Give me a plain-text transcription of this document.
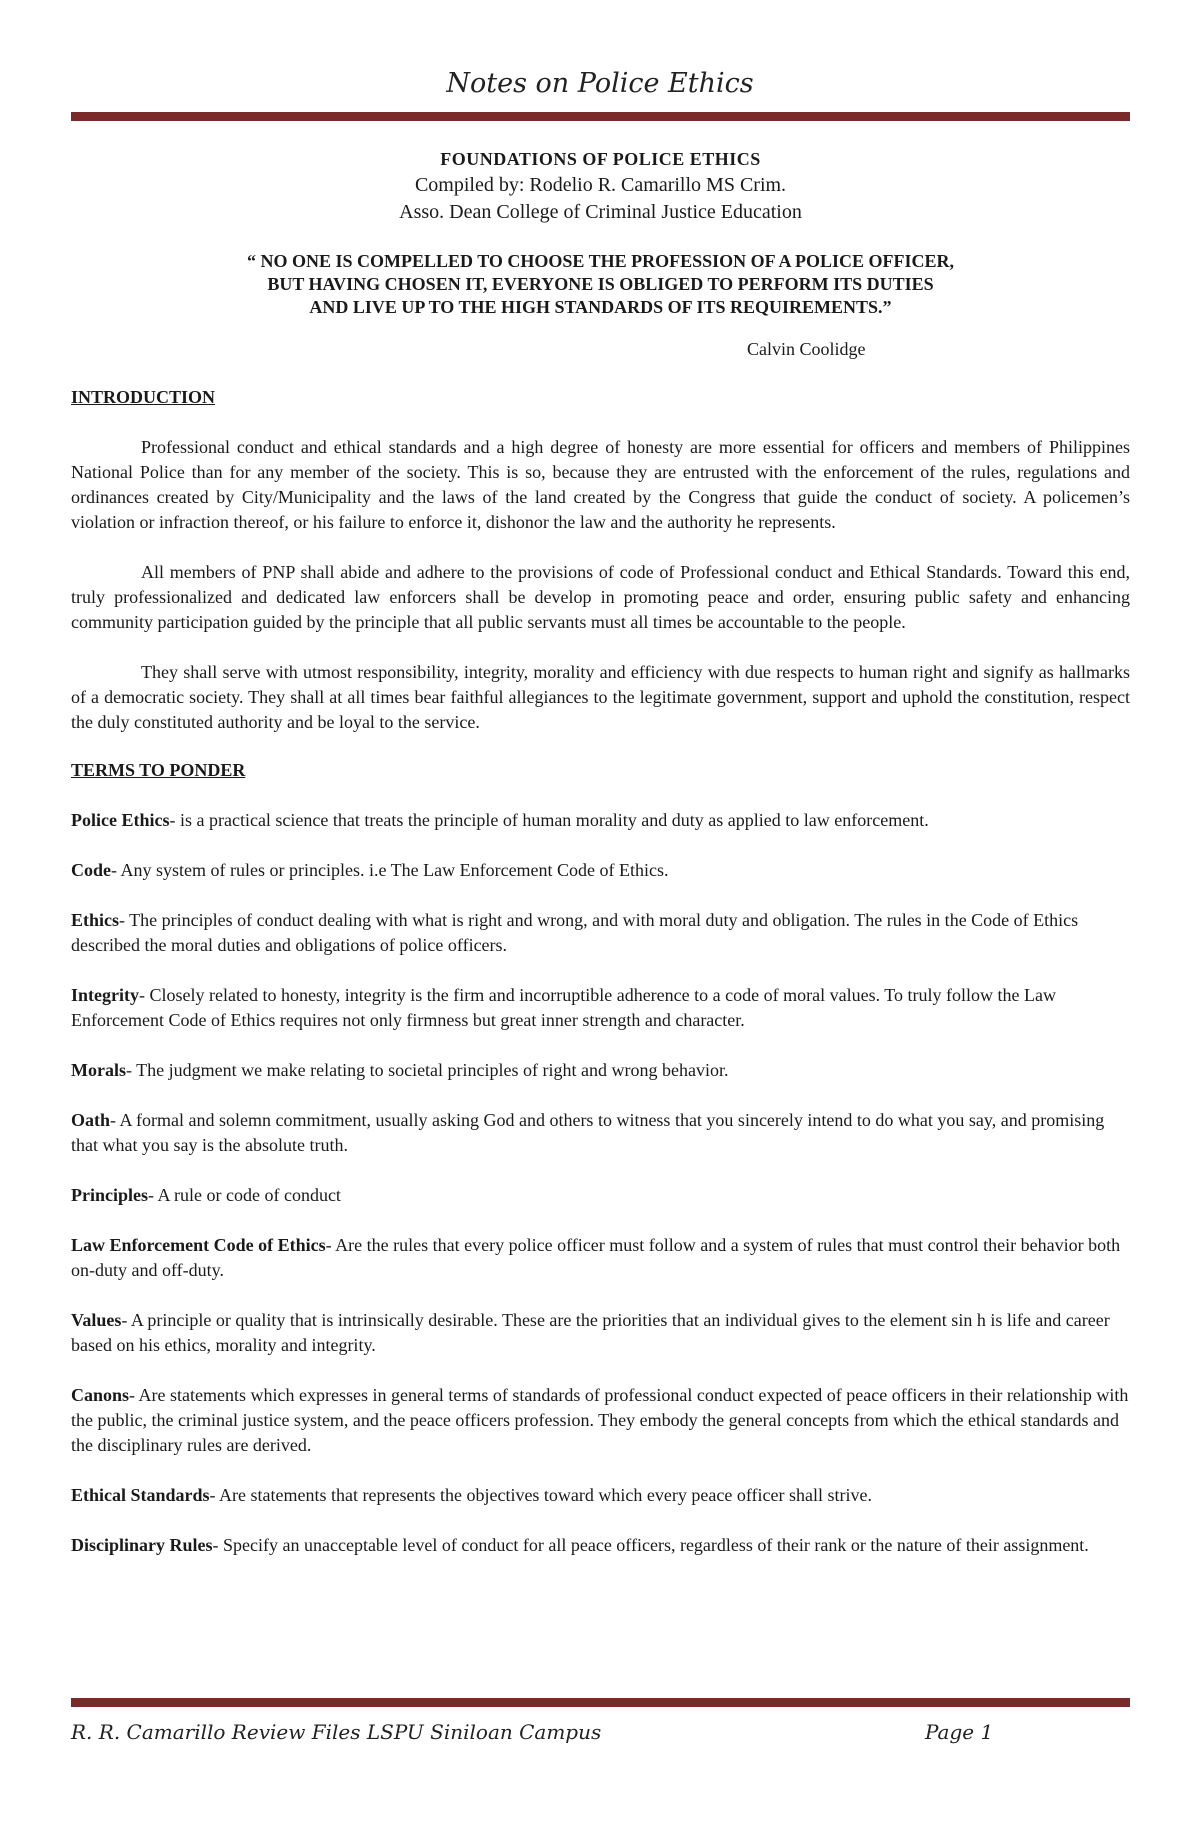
Notes on Police Ethics
FOUNDATIONS OF POLICE ETHICS
Compiled by: Rodelio R. Camarillo MS Crim.
Asso. Dean College of Criminal Justice Education
“ NO ONE IS COMPELLED TO CHOOSE THE PROFESSION OF A POLICE OFFICER,
BUT HAVING CHOSEN IT, EVERYONE IS OBLIGED TO PERFORM ITS DUTIES
AND LIVE UP TO THE HIGH STANDARDS OF ITS REQUIREMENTS.”
Calvin Coolidge
INTRODUCTION
Professional conduct and ethical standards and a high degree of honesty are more essential for officers and members of Philippines National Police than for any member of the society. This is so, because they are entrusted with the enforcement of the rules, regulations and ordinances created by City/Municipality and the laws of the land created by the Congress that guide the conduct of society. A policemen’s violation or infraction thereof, or his failure to enforce it, dishonor the law and the authority he represents.
All members of PNP shall abide and adhere to the provisions of code of Professional conduct and Ethical Standards. Toward this end, truly professionalized and dedicated law enforcers shall be develop in promoting peace and order, ensuring public safety and enhancing community participation guided by the principle that all public servants must all times be accountable to the people.
They shall serve with utmost responsibility, integrity, morality and efficiency with due respects to human right and signify as hallmarks of a democratic society. They shall at all times bear faithful allegiances to the legitimate government, support and uphold the constitution, respect the duly constituted authority and be loyal to the service.
TERMS TO PONDER
Police Ethics- is a practical science that treats the principle of human morality and duty as applied to law enforcement.
Code- Any system of rules or principles. i.e The Law Enforcement Code of Ethics.
Ethics- The principles of conduct dealing with what is right and wrong, and with moral duty and obligation. The rules in the Code of Ethics described the moral duties and obligations of police officers.
Integrity- Closely related to honesty, integrity is the firm and incorruptible adherence to a code of moral values. To truly follow the Law Enforcement Code of Ethics requires not only firmness but great inner strength and character.
Morals- The judgment we make relating to societal principles of right and wrong behavior.
Oath- A formal and solemn commitment, usually asking God and others to witness that you sincerely intend to do what you say, and promising that what you say is the absolute truth.
Principles- A rule or code of conduct
Law Enforcement Code of Ethics- Are the rules that every police officer must follow and a system of rules that must control their behavior both on-duty and off-duty.
Values- A principle or quality that is intrinsically desirable. These are the priorities that an individual gives to the element sin h is life and career based on his ethics, morality and integrity.
Canons- Are statements which expresses in general terms of standards of professional conduct expected of peace officers in their relationship with the public, the criminal justice system, and the peace officers profession. They embody the general concepts from which the ethical standards and the disciplinary rules are derived.
Ethical Standards- Are statements that represents the objectives toward which every peace officer shall strive.
Disciplinary Rules- Specify an unacceptable level of conduct for all peace officers, regardless of their rank or the nature of their assignment.
R. R. Camarillo Review Files LSPU Siniloan Campus	Page 1
